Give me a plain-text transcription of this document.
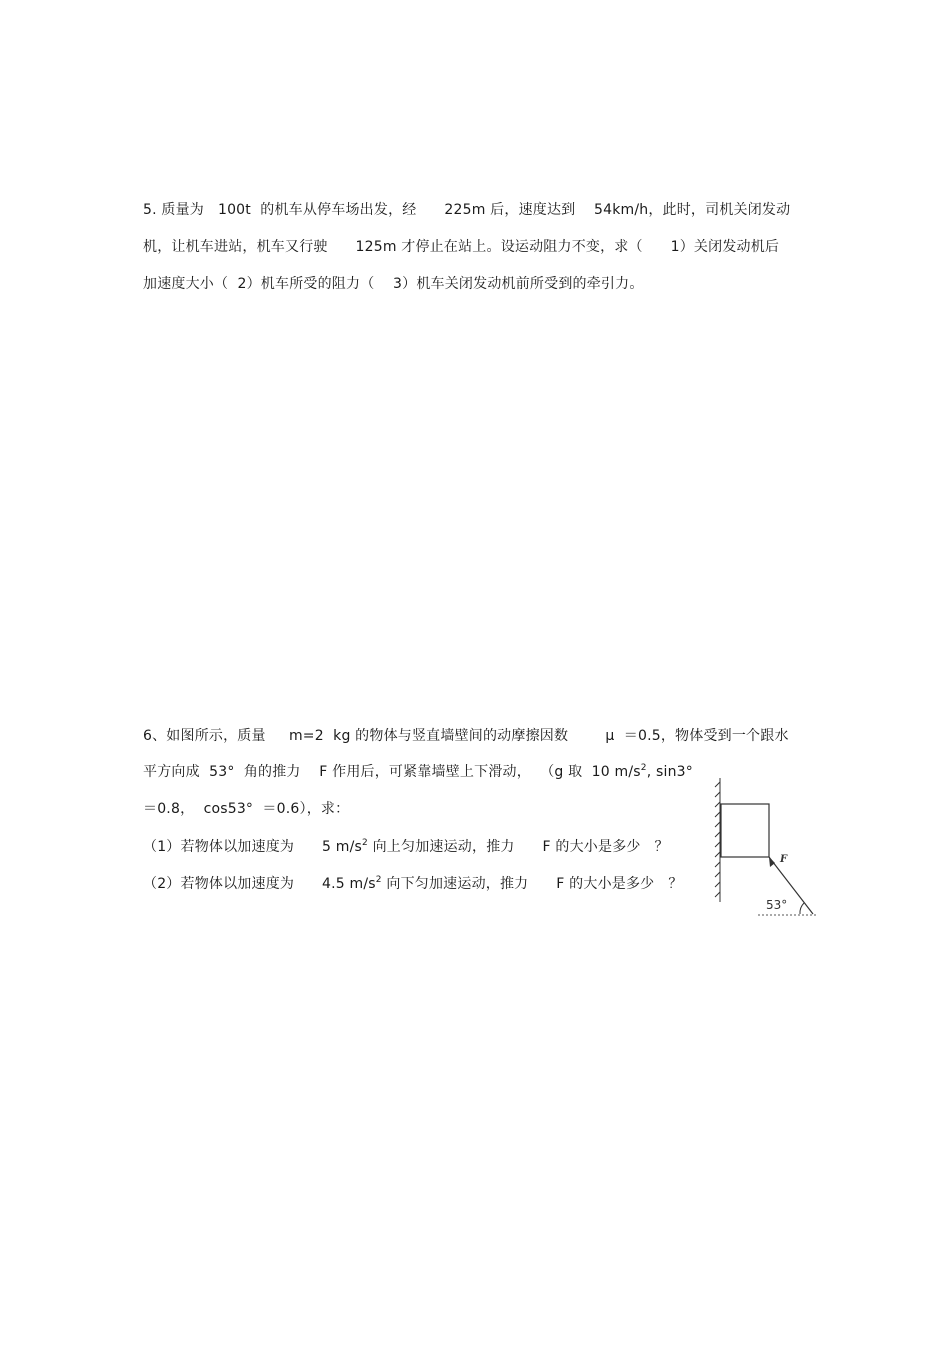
5. 质量为   100t  的机车从停车场出发，经      225m 后，速度达到    54km/h，此时，司机关闭发动
机，让机车进站，机车又行驶      125m 才停止在站上。设运动阻力不变，求（      1）关闭发动机后
加速度大小（  2）机车所受的阻力（    3）机车关闭发动机前所受到的牵引力。
6、如图所示，质量     m=2  kg 的物体与竖直墙壁间的动摩擦因数        μ  ＝0.5，物体受到一个跟水
平方向成  53°  角的推力    F 作用后，可紧靠墙壁上下滑动，  （g 取  10 $m/s^2$, sin3°
＝0.8，  cos53°  ＝0.6），求：
（1）若物体以加速度为      5 $m/s^2$ 向上匀加速运动，推力      F 的大小是多少   ？
（2）若物体以加速度为      4.5 $m/s^2$ 向下匀加速运动，推力      F 的大小是多少   ？
F
53°
